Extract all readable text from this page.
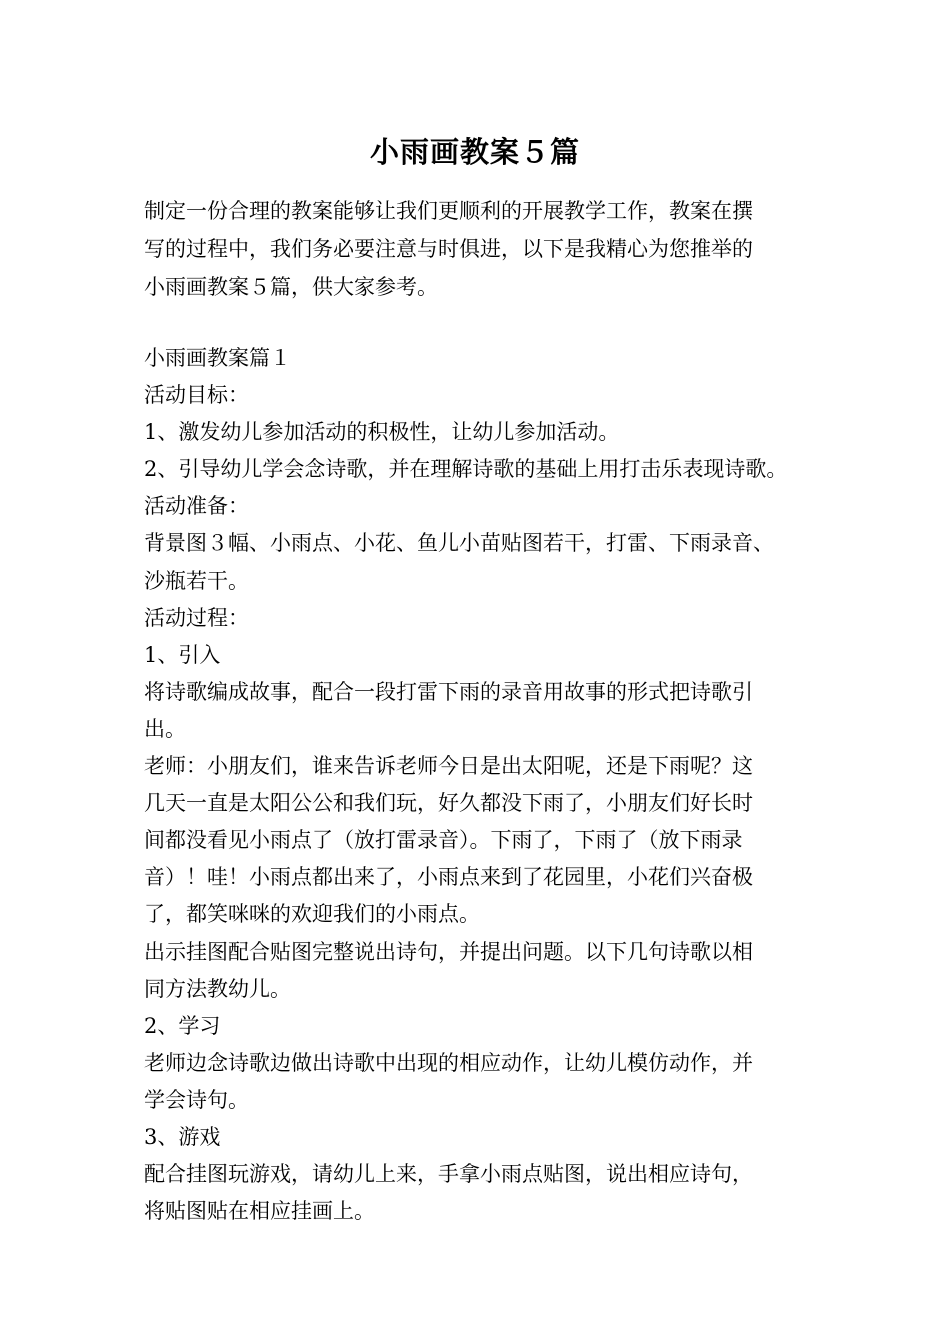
小雨画教案５篇
制定一份合理的教案能够让我们更顺利的开展教学工作，教案在撰
写的过程中，我们务必要注意与时俱进，以下是我精心为您推举的
小雨画教案５篇，供大家参考。
小雨画教案篇１
活动目标：
1、激发幼儿参加活动的积极性，让幼儿参加活动。
2、引导幼儿学会念诗歌，并在理解诗歌的基础上用打击乐表现诗歌。
活动准备：
背景图３幅、小雨点、小花、鱼儿小苗贴图若干，打雷、下雨录音、
沙瓶若干。
活动过程：
1、引入
将诗歌编成故事，配合一段打雷下雨的录音用故事的形式把诗歌引
出。
老师：小朋友们，谁来告诉老师今日是出太阳呢，还是下雨呢？这
几天一直是太阳公公和我们玩，好久都没下雨了，小朋友们好长时
间都没看见小雨点了（放打雷录音）。下雨了，下雨了（放下雨录
音）！哇！小雨点都出来了，小雨点来到了花园里，小花们兴奋极
了，都笑咪咪的欢迎我们的小雨点。
出示挂图配合贴图完整说出诗句，并提出问题。以下几句诗歌以相
同方法教幼儿。
2、学习
老师边念诗歌边做出诗歌中出现的相应动作，让幼儿模仿动作，并
学会诗句。
3、游戏
配合挂图玩游戏，请幼儿上来，手拿小雨点贴图，说出相应诗句，
将贴图贴在相应挂画上。
